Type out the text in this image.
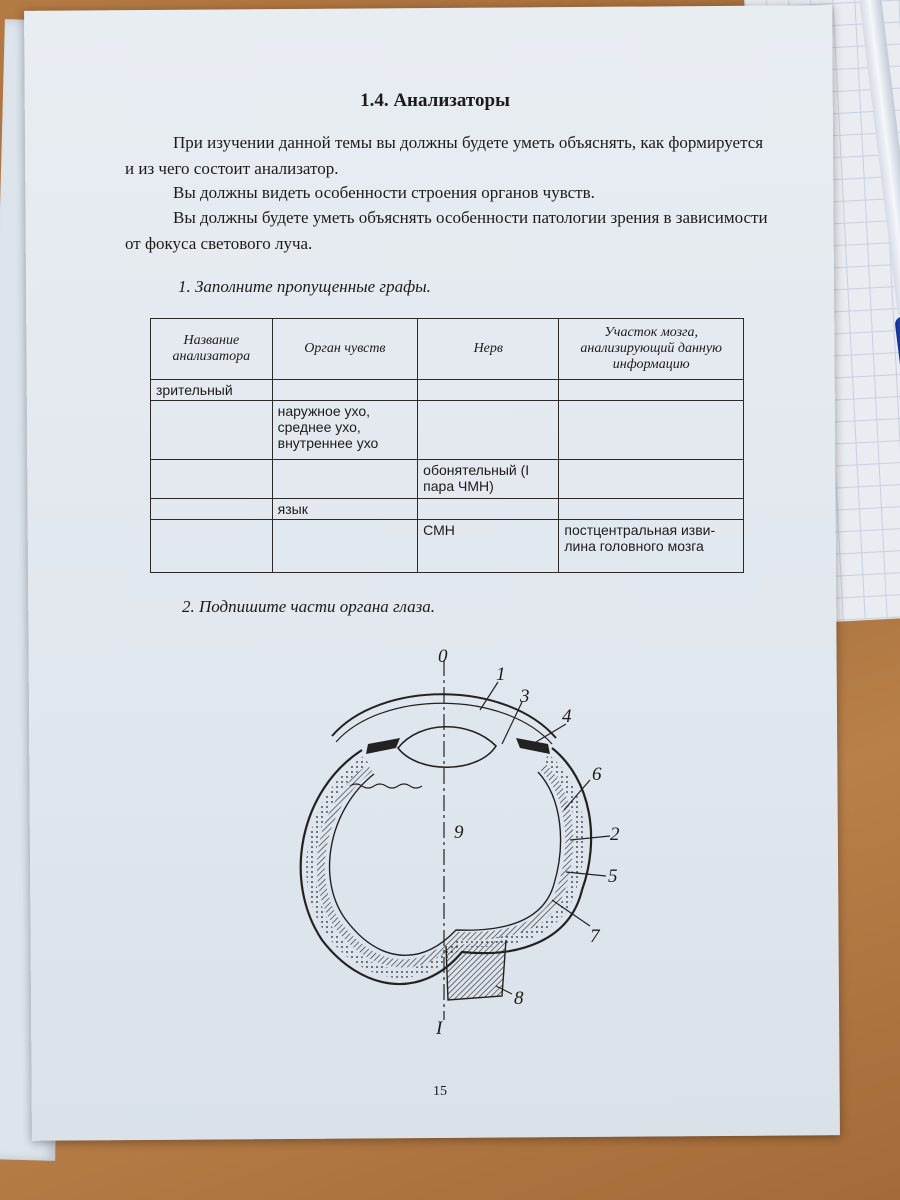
1.4. Анализаторы
При изучении данной темы вы должны будете уметь объяснять, как формируется и из чего состоит анализатор.
Вы должны видеть особенности строения органов чувств.
Вы должны будете уметь объяснять особенности патологии зрения в зависимости от фокуса светового луча.
1. Заполните пропущенные графы.
Название анализатора	Орган чувств	Нерв	Участок мозга, анализирующий данную информацию
зрительный			
	наружное ухо, среднее ухо, внутреннее ухо		
		обонятельный (I пара ЧМН)	
	язык		
		СМН	постцентральная изви-лина головного мозга
2. Подпишите части органа глаза.
0
1
2
3
4
5
6
7
8
9
I
15
